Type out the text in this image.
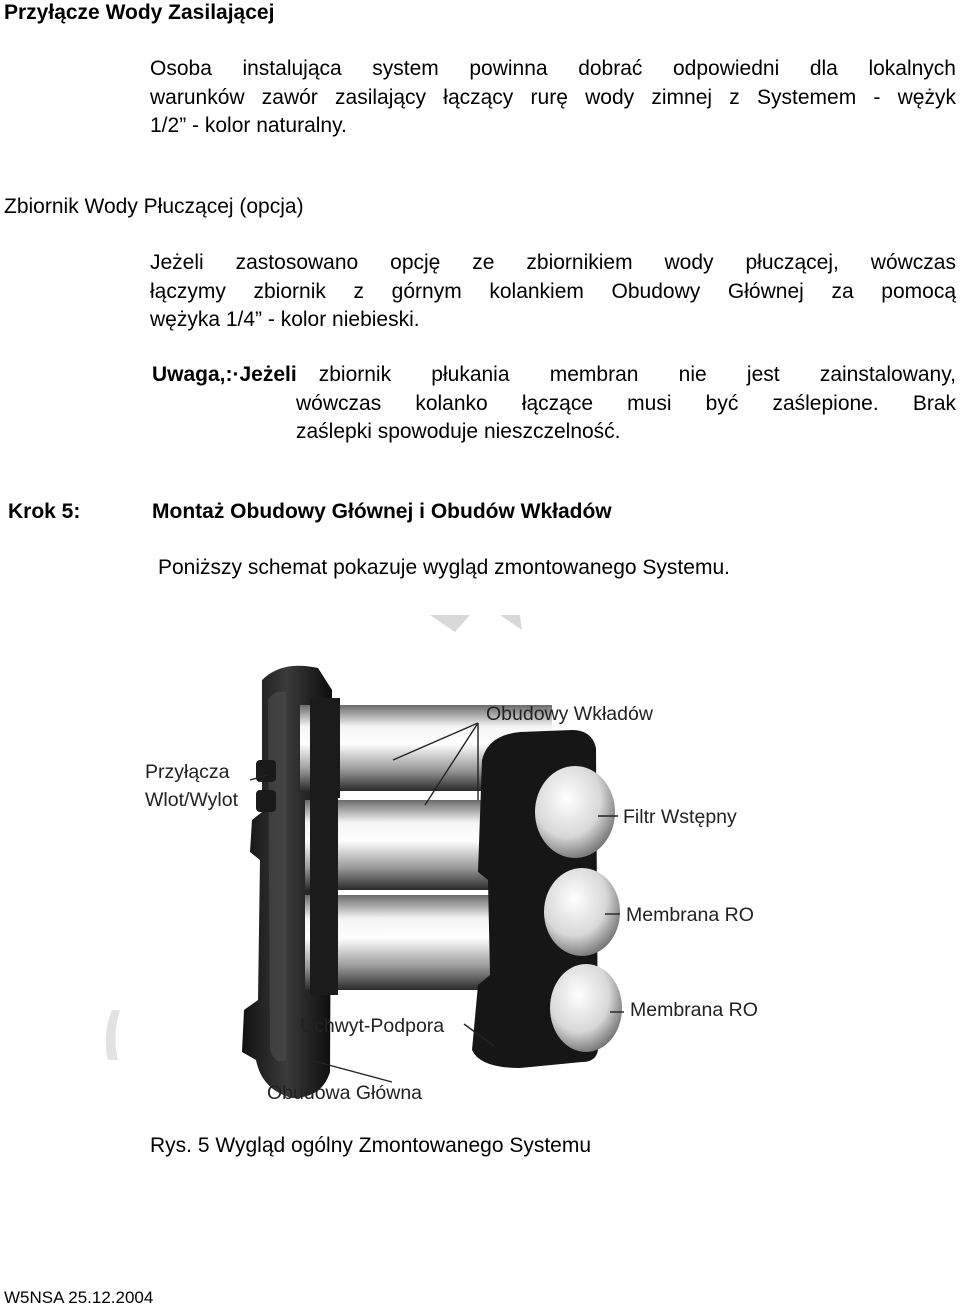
Przyłącze Wody Zasilającej
Osoba instalująca system powinna dobrać odpowiedni dla lokalnych
warunków zawór zasilający łączący rurę wody zimnej z Systemem - wężyk
1/2” - kolor naturalny.
Zbiornik Wody Płuczącej (opcja)
Jeżeli zastosowano opcję ze zbiornikiem wody płuczącej, wówczas
łączymy zbiornik z górnym kolankiem Obudowy Głównej za pomocą
wężyka 1/4” - kolor niebieski.
Uwaga,:·Jeżeli zbiornik płukania membran nie jest zainstalowany,
wówczas kolanko łączące musi być zaślepione. Brak
zaślepki spowoduje nieszczelność.
Krok 5:	Montaż Obudowy Głównej i Obudów Wkładów
Poniższy schemat pokazuje wygląd zmontowanego Systemu.
Obudowy Wkładów
Przyłącza
Wlot/Wylot
Filtr Wstępny
Membrana RO
Membrana RO
Uchwyt-Podpora
Obudowa Główna
Rys. 5 Wygląd ogólny Zmontowanego Systemu
W5NSA 25.12.2004
